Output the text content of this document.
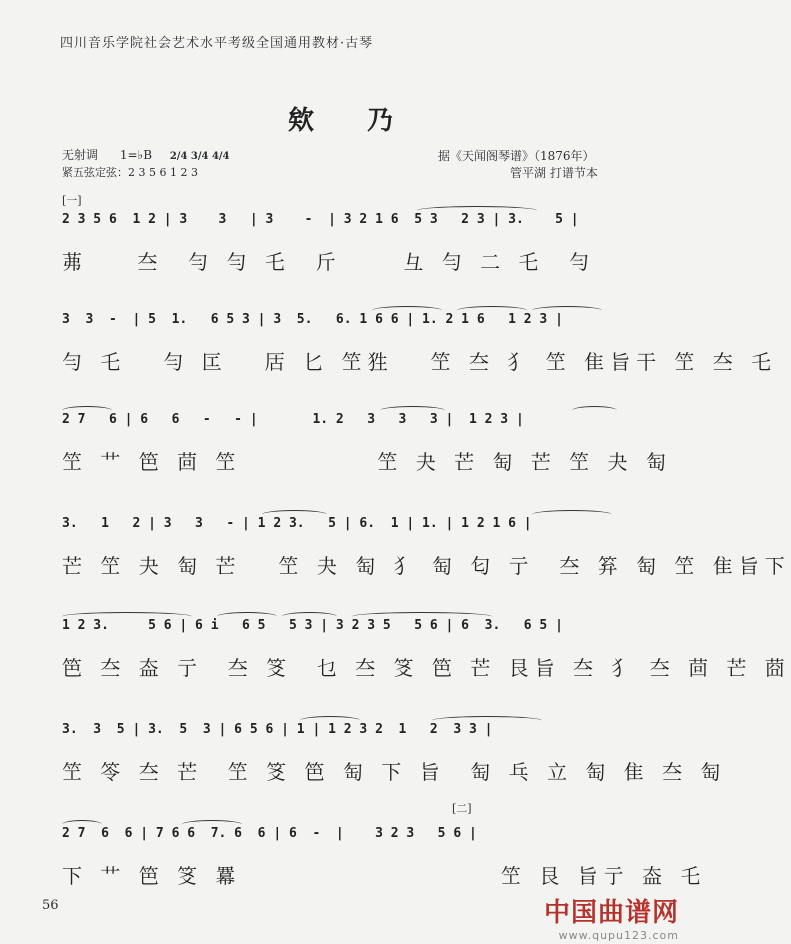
四川音乐学院社会艺术水平考级全国通用教材·古琴
欸 乃
无射调 1=♭B 2/4 3/4 4/4
紧五弦定弦：2 3 5 6 1 2 3
据《天闻阁琴谱》（1876年）
管平湖 打谱节本
[一]
2 3 5 6  1 2 | 3    3   | 3    -  | 3 2 1 6  5 3   2 3 | 3.    5 |
茀    夳  勻 勻 乇  斤     彑 勻 二 乇  勻
3  3  -  | 5  1.   6 5 3 | 3  5.   6. 1 6 6 | 1. 2 1 6   1 2 3 |
勻 乇   勻 匞   㕆 匕 笁狌   笁 夳 犭 笁 隹旨干 笁 夳 乇
2 7   6 | 6   6   -   - |       1. 2   3   3   3 |  1 2 3 |
笁 艹 笆 茴 笁           笁 夬 芒 匋 芒 笁 夬 匋
3.   1   2 | 3   3   - | 1 2 3.   5 | 6.  1 | 1. | 1 2 1 6 |
芒 笁 夬 匋 芒   笁 夬 匋 犭 匋 匂 亍  夳 笲 匋 笁 隹旨下
1 2 3.     5 6 | 6 i   6 5   5 3 | 3 2 3 5   5 6 | 6  3.   6 5 |
笆 夳 盇 亍  夳 笅  乜 夳 笅 笆 芒 艮旨 夳 犭 夳 茴 芒 莔
3.  3  5 | 3.  5  3 | 6 5 6 | 1 | 1 2 3 2  1   2  3 3 |
笁 笭 夳 芒  笁 笅 笆 匋 下 旨  匋 乓 立 匋 隹 夳 匋
[二]
2 7  6  6 | 7 6 6  7. 6  6 | 6  -  |    3 2 3   5 6 |
下 艹 笆 笅 羃                     笁 艮 旨亍 盇 乇
56	中国曲谱网
www.qupu123.com
